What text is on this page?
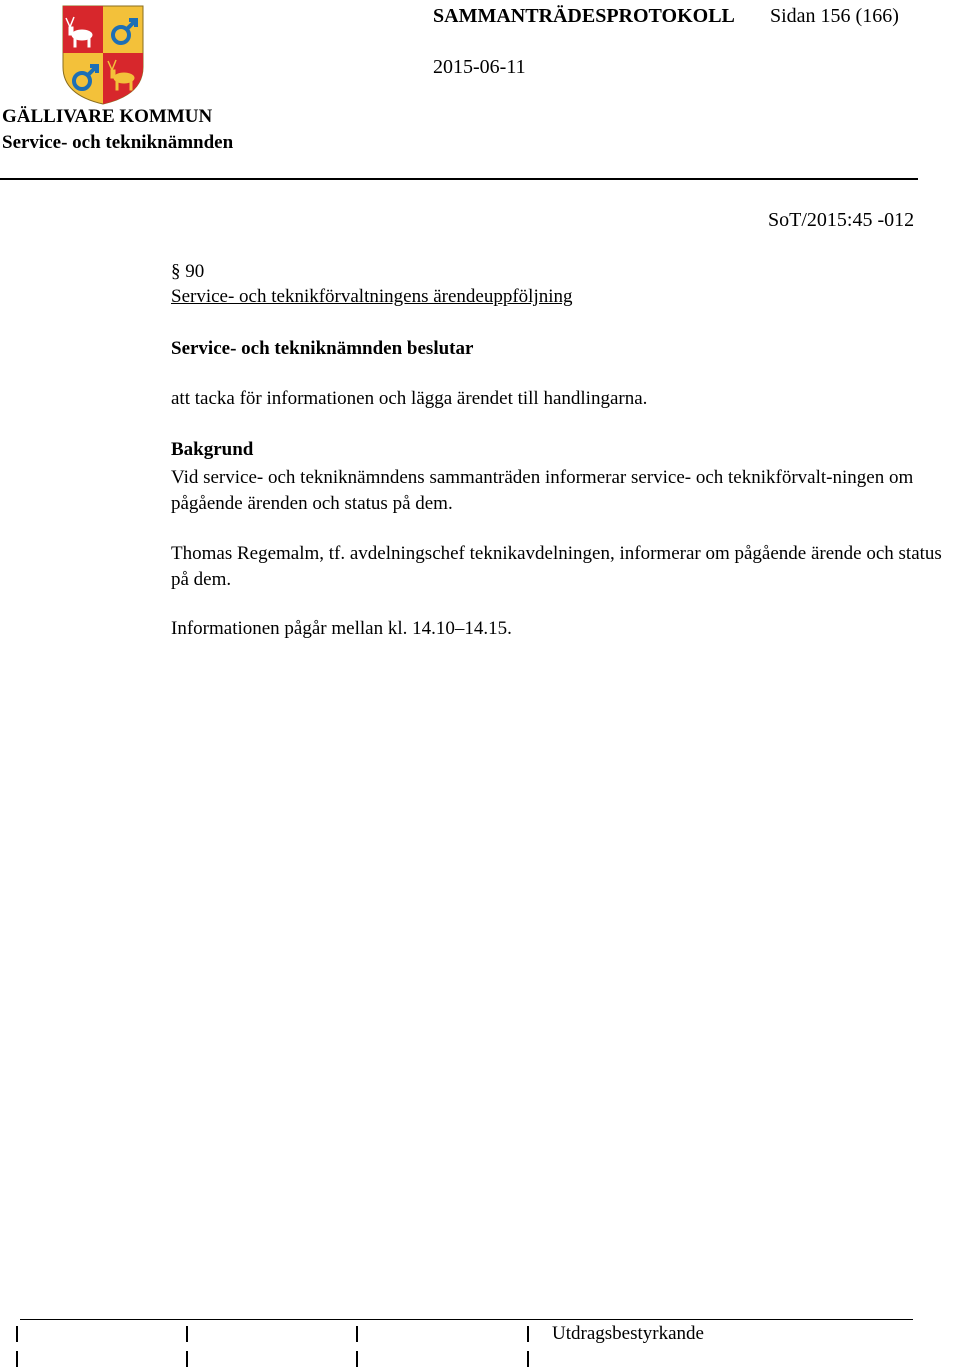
SAMMANTRÄDESPROTOKOLL Sidan 156 (166)
2015-06-11
GÄLLIVARE KOMMUN
Service- och tekniknämnden
SoT/2015:45 -012
§ 90
Service- och teknikförvaltningens ärendeuppföljning
Service- och tekniknämnden beslutar
att tacka för informationen och lägga ärendet till handlingarna.
Bakgrund
Vid service- och tekniknämndens sammanträden informerar service- och teknikförvalt-ningen om pågående ärenden och status på dem.
Thomas Regemalm, tf. avdelningschef teknikavdelningen, informerar om pågående ärende och status på dem.
Informationen pågår mellan kl. 14.10–14.15.
Utdragsbestyrkande
